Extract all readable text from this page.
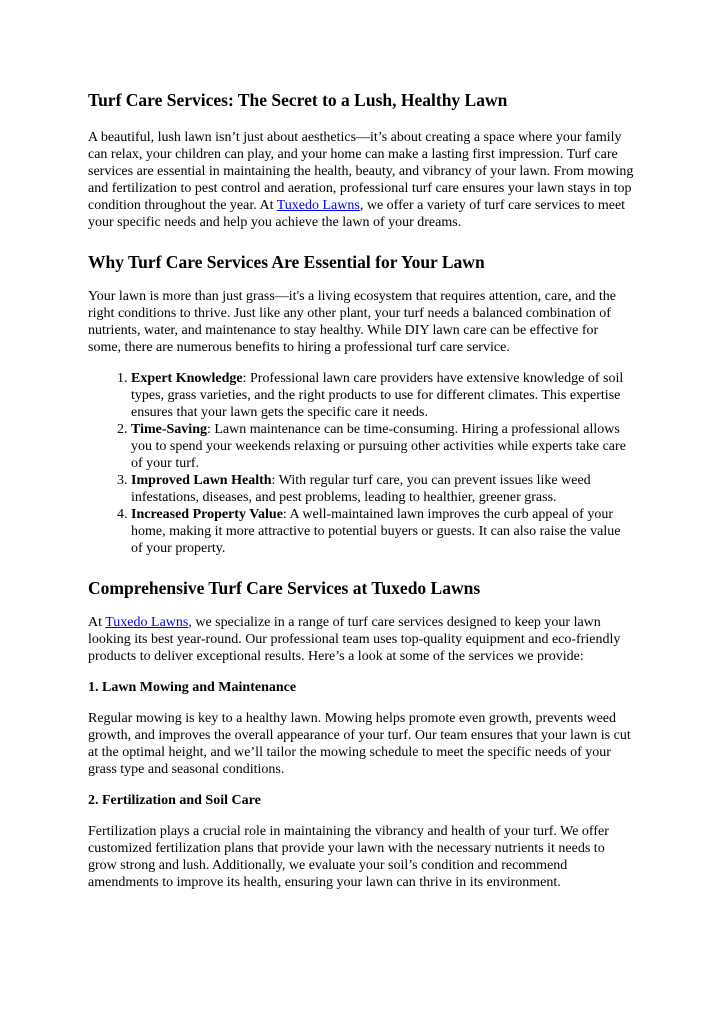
Turf Care Services: The Secret to a Lush, Healthy Lawn

A beautiful, lush lawn isn’t just about aesthetics—it’s about creating a space where your family can relax, your children can play, and your home can make a lasting first impression. Turf care services are essential in maintaining the health, beauty, and vibrancy of your lawn. From mowing and fertilization to pest control and aeration, professional turf care ensures your lawn stays in top condition throughout the year. At Tuxedo Lawns, we offer a variety of turf care services to meet your specific needs and help you achieve the lawn of your dreams.

Why Turf Care Services Are Essential for Your Lawn

Your lawn is more than just grass—it's a living ecosystem that requires attention, care, and the right conditions to thrive. Just like any other plant, your turf needs a balanced combination of nutrients, water, and maintenance to stay healthy. While DIY lawn care can be effective for some, there are numerous benefits to hiring a professional turf care service.

1. Expert Knowledge: Professional lawn care providers have extensive knowledge of soil types, grass varieties, and the right products to use for different climates. This expertise ensures that your lawn gets the specific care it needs.
2. Time-Saving: Lawn maintenance can be time-consuming. Hiring a professional allows you to spend your weekends relaxing or pursuing other activities while experts take care of your turf.
3. Improved Lawn Health: With regular turf care, you can prevent issues like weed infestations, diseases, and pest problems, leading to healthier, greener grass.
4. Increased Property Value: A well-maintained lawn improves the curb appeal of your home, making it more attractive to potential buyers or guests. It can also raise the value of your property.
Comprehensive Turf Care Services at Tuxedo Lawns

At Tuxedo Lawns, we specialize in a range of turf care services designed to keep your lawn looking its best year-round. Our professional team uses top-quality equipment and eco-friendly products to deliver exceptional results. Here’s a look at some of the services we provide:

1. Lawn Mowing and Maintenance

Regular mowing is key to a healthy lawn. Mowing helps promote even growth, prevents weed growth, and improves the overall appearance of your turf. Our team ensures that your lawn is cut at the optimal height, and we’ll tailor the mowing schedule to meet the specific needs of your grass type and seasonal conditions.

2. Fertilization and Soil Care

Fertilization plays a crucial role in maintaining the vibrancy and health of your turf. We offer customized fertilization plans that provide your lawn with the necessary nutrients it needs to grow strong and lush. Additionally, we evaluate your soil’s condition and recommend amendments to improve its health, ensuring your lawn can thrive in its environment.
